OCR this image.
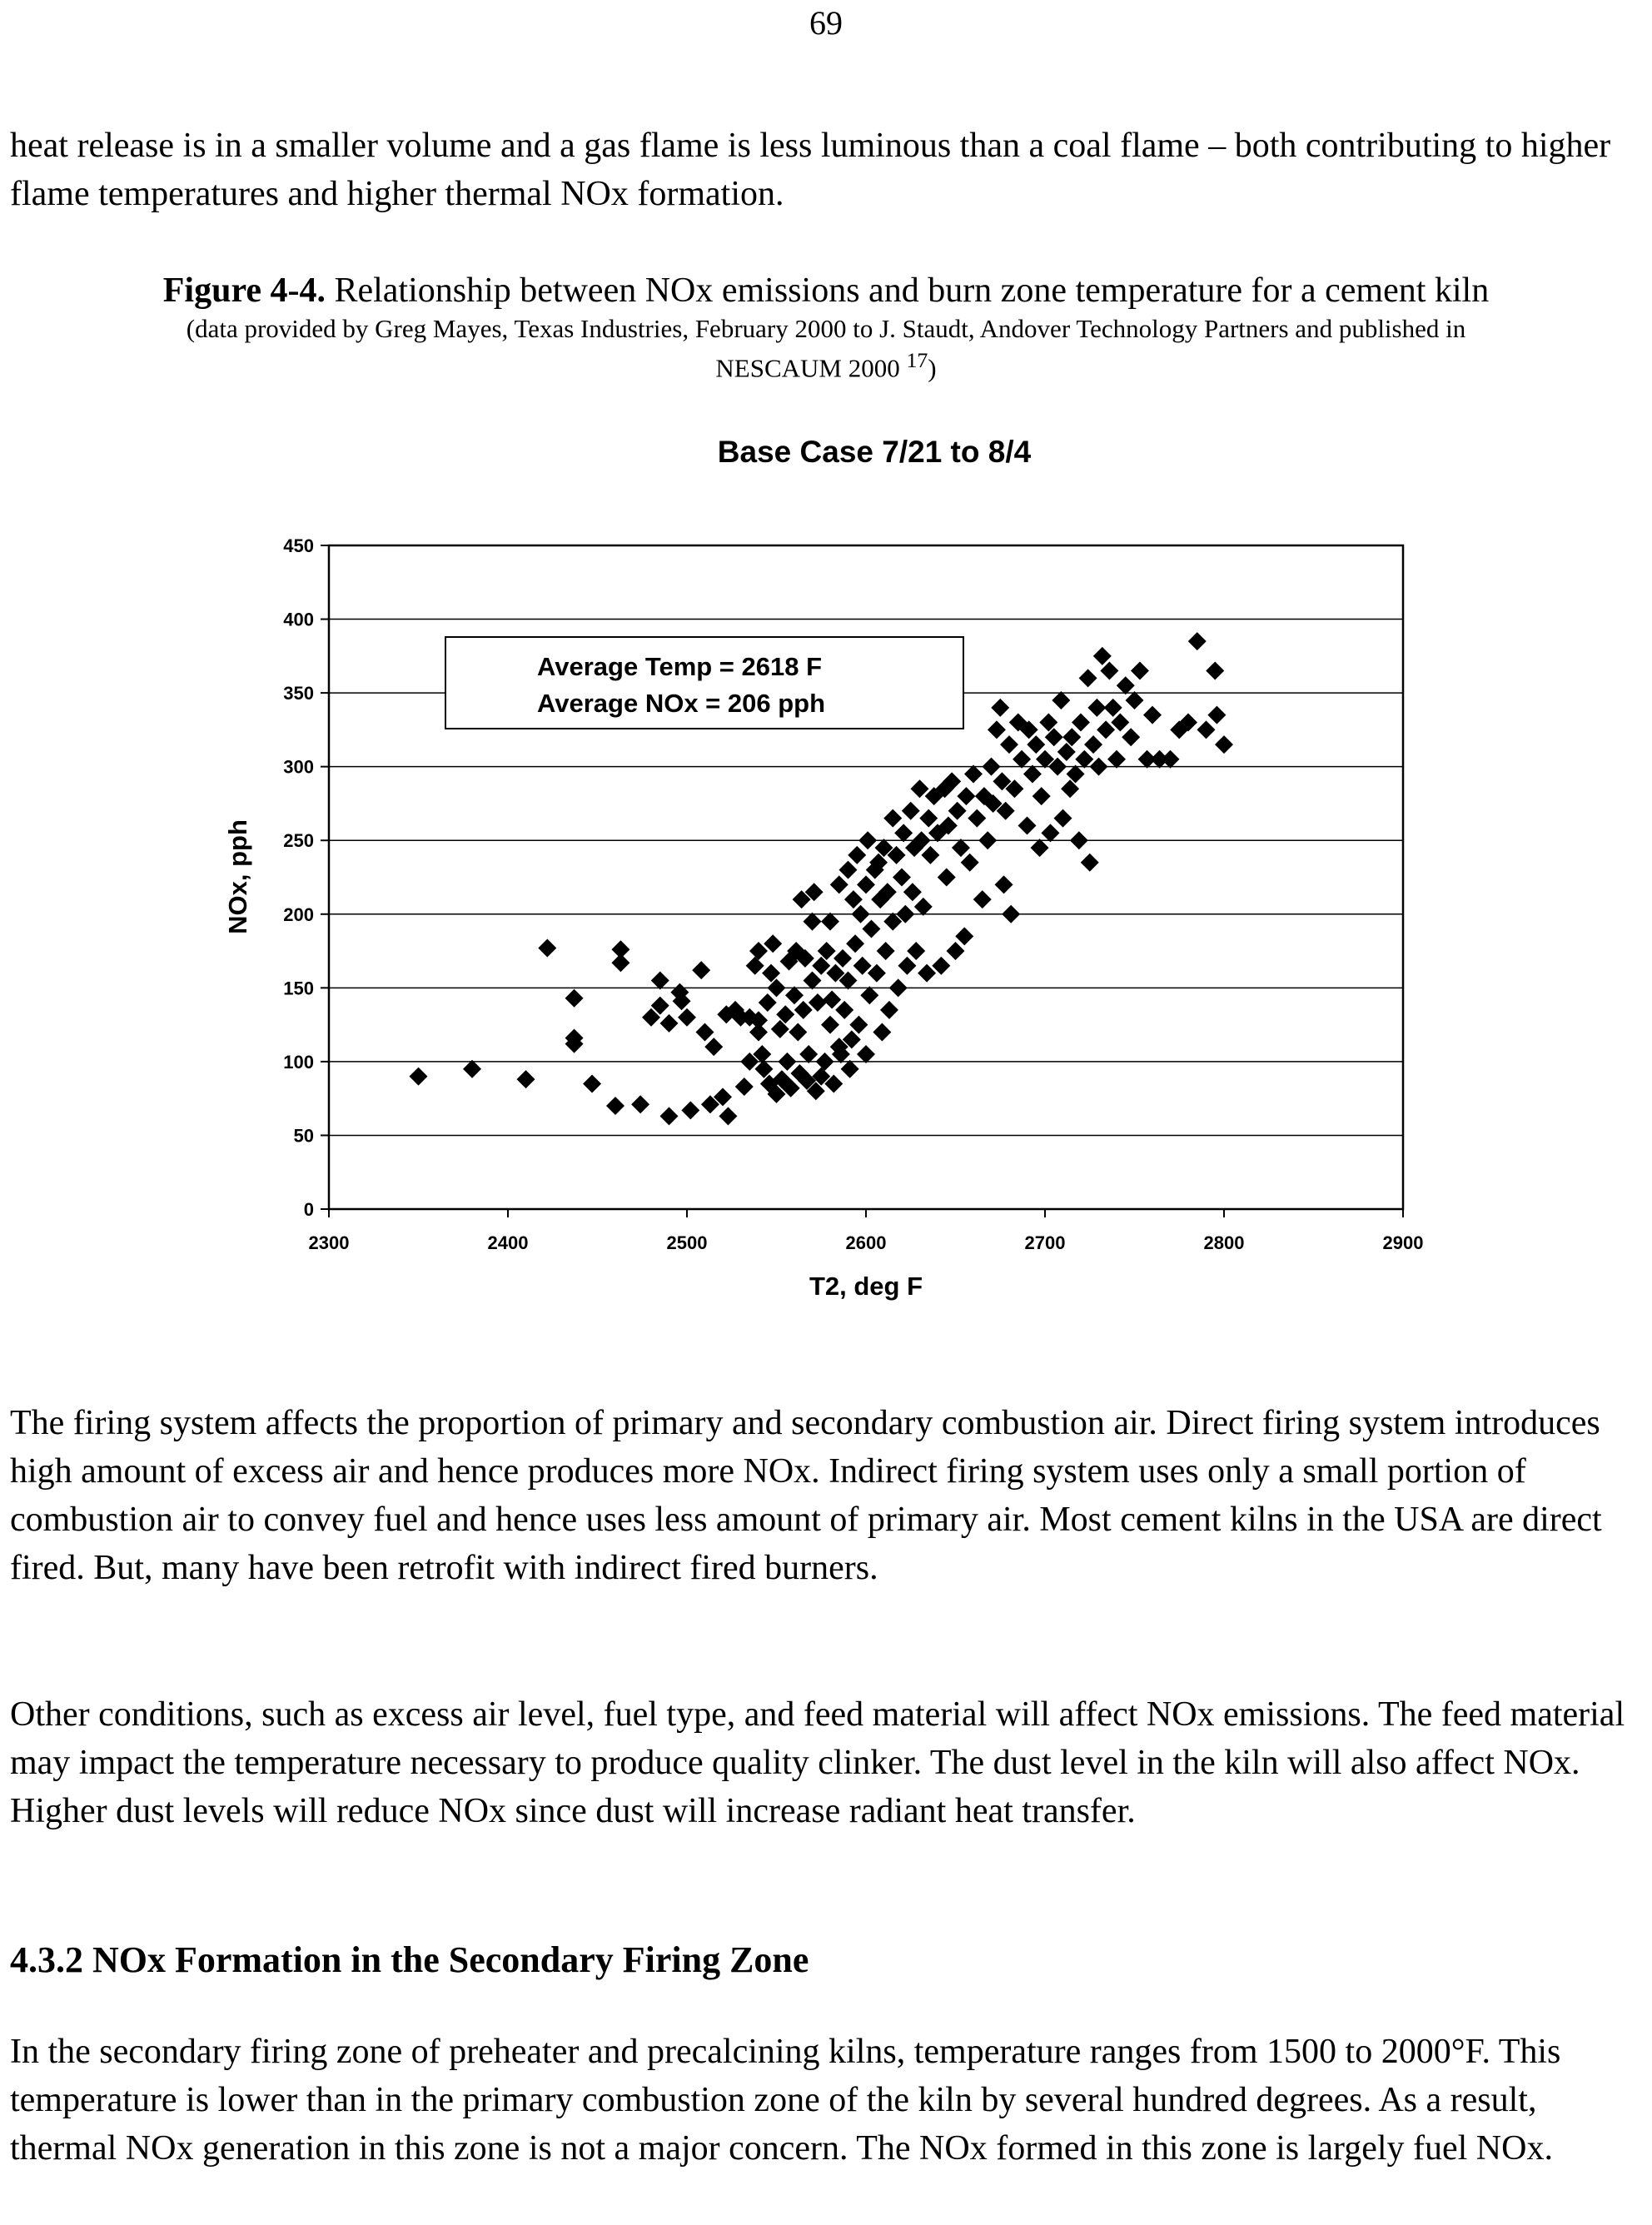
69

heat release is in a smaller volume and a gas flame is less luminous than a coal flame – both contributing to higher flame temperatures and higher thermal NOx formation.

Figure 4-4. Relationship between NOx emissions and burn zone temperature for a cement kiln
(data provided by Greg Mayes, Texas Industries, February 2000 to J. Staudt, Andover Technology Partners and published in
NESCAUM 2000 $^{17}$)
Base Case 7/21 to 8/4
0
50
100
150
200
250
300
350
400
450
2300	2400	2500	2600	2700	2800	2900
T2, deg F
NOx, pph
Average Temp = 2618 F
Average NOx = 206 pph

The firing system affects the proportion of primary and secondary combustion air. Direct firing system introduces high amount of excess air and hence produces more NOx. Indirect firing system uses only a small portion of combustion air to convey fuel and hence uses less amount of primary air. Most cement kilns in the USA are direct fired. But, many have been retrofit with indirect fired burners.

Other conditions, such as excess air level, fuel type, and feed material will affect NOx emissions. The feed material may impact the temperature necessary to produce quality clinker. The dust level in the kiln will also affect NOx. Higher dust levels will reduce NOx since dust will increase radiant heat transfer.

4.3.2 NOx Formation in the Secondary Firing Zone

In the secondary firing zone of preheater and precalcining kilns, temperature ranges from 1500 to 2000°F. This temperature is lower than in the primary combustion zone of the kiln by several hundred degrees. As a result, thermal NOx generation in this zone is not a major concern. The NOx formed in this zone is largely fuel NOx.
